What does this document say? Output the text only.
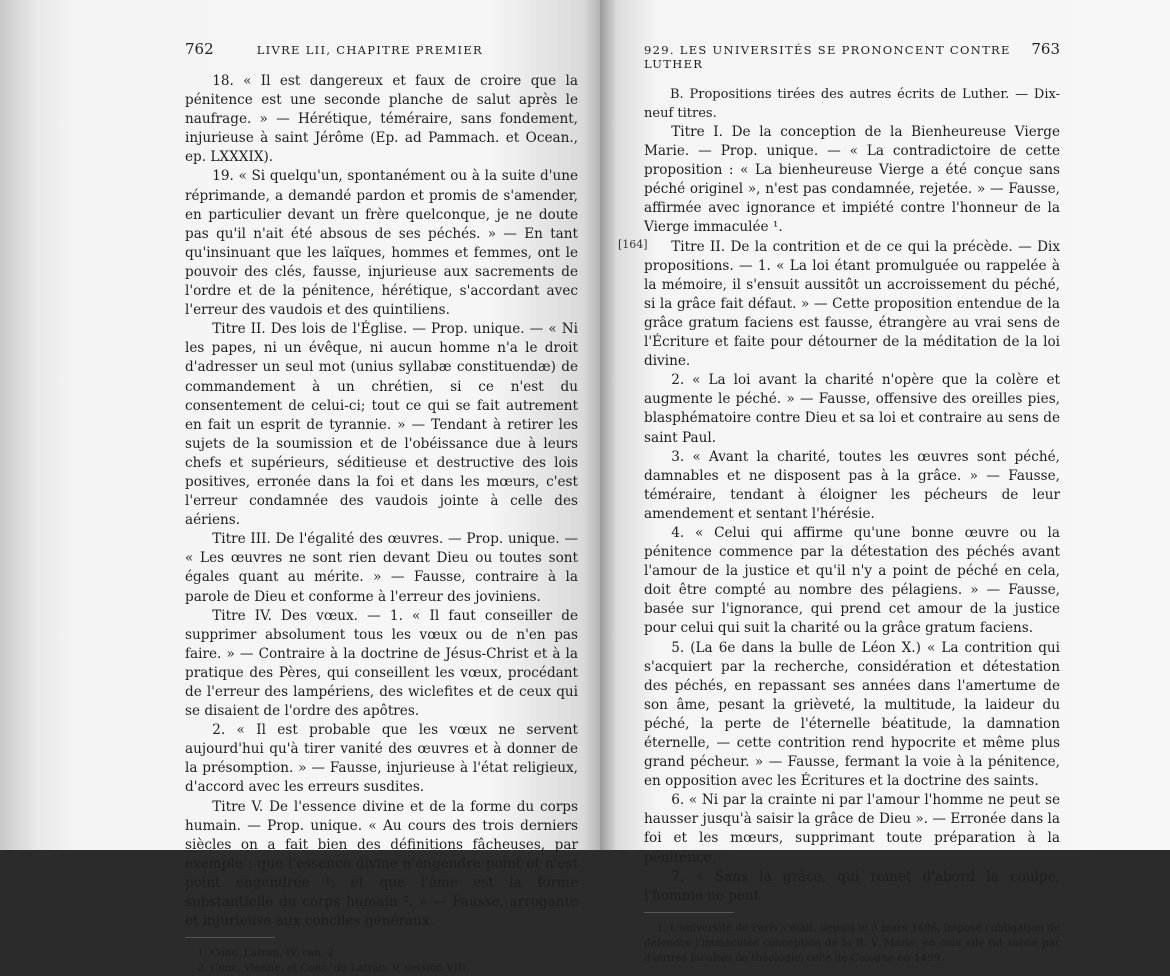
762	LIVRE LII, CHAPITRE PREMIER

18. « Il est dangereux et faux de croire que la pénitence est une seconde planche de salut après le naufrage. » — Hérétique, téméraire, sans fondement, injurieuse à saint Jérôme (Ep. ad Pammach. et Ocean., ep. LXXXIX).

19. « Si quelqu'un, spontanément ou à la suite d'une réprimande, a demandé pardon et promis de s'amender, en particulier devant un frère quelconque, je ne doute pas qu'il n'ait été absous de ses péchés. » — En tant qu'insinuant que les laïques, hommes et femmes, ont le pouvoir des clés, fausse, injurieuse aux sacrements de l'ordre et de la pénitence, hérétique, s'accordant avec l'erreur des vaudois et des quintiliens.

Titre II. Des lois de l'Église. — Prop. unique. — « Ni les papes, ni un évêque, ni aucun homme n'a le droit d'adresser un seul mot (unius syllabæ constituendæ) de commandement à un chrétien, si ce n'est du consentement de celui-ci; tout ce qui se fait autrement en fait un esprit de tyrannie. » — Tendant à retirer les sujets de la soumission et de l'obéissance due à leurs chefs et supérieurs, séditieuse et destructive des lois positives, erronée dans la foi et dans les mœurs, c'est l'erreur condamnée des vaudois jointe à celle des aériens.

Titre III. De l'égalité des œuvres. — Prop. unique. — « Les œuvres ne sont rien devant Dieu ou toutes sont égales quant au mérite. » — Fausse, contraire à la parole de Dieu et conforme à l'erreur des joviniens.

Titre IV. Des vœux. — 1. « Il faut conseiller de supprimer absolument tous les vœux ou de n'en pas faire. » — Contraire à la doctrine de Jésus-Christ et à la pratique des Pères, qui conseillent les vœux, procédant de l'erreur des lampériens, des wiclefites et de ceux qui se disaient de l'ordre des apôtres.

2. « Il est probable que les vœux ne servent aujourd'hui qu'à tirer vanité des œuvres et à donner de la présomption. » — Fausse, injurieuse à l'état religieux, d'accord avec les erreurs susdites.

Titre V. De l'essence divine et de la forme du corps humain. — Prop. unique. « Au cours des trois derniers siècles on a fait bien des définitions fâcheuses, par exemple : que l'essence divine n'engendre point et n'est point engendrée ¹; et que l'âme est la forme substantielle du corps humain ². » — Fausse, arrogante et injurieuse aux conciles généraux.

1. Conc. Latran, IV, can. 2.

2. Conc. Vienne, et Conc. du Latran, V, session VIII.

929. LES UNIVERSITÉS SE PRONONCENT CONTRE LUTHER
763
[164]

B. Propositions tirées des autres écrits de Luther. — Dix-neuf titres.

Titre I. De la conception de la Bienheureuse Vierge Marie. — Prop. unique. — « La contradictoire de cette proposition : « La bienheureuse Vierge a été conçue sans péché originel », n'est pas condamnée, rejetée. » — Fausse, affirmée avec ignorance et impiété contre l'honneur de la Vierge immaculée ¹.

Titre II. De la contrition et de ce qui la précède. — Dix propositions. — 1. « La loi étant promulguée ou rappelée à la mémoire, il s'ensuit aussitôt un accroissement du péché, si la grâce fait défaut. » — Cette proposition entendue de la grâce gratum faciens est fausse, étrangère au vrai sens de l'Écriture et faite pour détourner de la méditation de la loi divine.

2. « La loi avant la charité n'opère que la colère et augmente le péché. » — Fausse, offensive des oreilles pies, blasphématoire contre Dieu et sa loi et contraire au sens de saint Paul.

3. « Avant la charité, toutes les œuvres sont péché, damnables et ne disposent pas à la grâce. » — Fausse, téméraire, tendant à éloigner les pécheurs de leur amendement et sentant l'hérésie.

4. « Celui qui affirme qu'une bonne œuvre ou la pénitence commence par la détestation des péchés avant l'amour de la justice et qu'il n'y a point de péché en cela, doit être compté au nombre des pélagiens. » — Fausse, basée sur l'ignorance, qui prend cet amour de la justice pour celui qui suit la charité ou la grâce gratum faciens.

5. (La 6e dans la bulle de Léon X.) « La contrition qui s'acquiert par la recherche, considération et détestation des péchés, en repassant ses années dans l'amertume de son âme, pesant la grièveté, la multitude, la laideur du péché, la perte de l'éternelle béatitude, la damnation éternelle, — cette contrition rend hypocrite et même plus grand pécheur. » — Fausse, fermant la voie à la pénitence, en opposition avec les Écritures et la doctrine des saints.

6. « Ni par la crainte ni par l'amour l'homme ne peut se hausser jusqu'à saisir la grâce de Dieu ». — Erronée dans la foi et les mœurs, supprimant toute préparation à la pénitence.

7. « Sans la grâce, qui remet d'abord la coulpe, l'homme ne peut

1. L'université de Paris s'était, depuis le 3 mars 1496, imposé l'obligation de défendre l'immaculée conception de la B. V. Marie; en cela elle fut suivie par d'autres facultés de théologie, celle de Cologne en 1499.
